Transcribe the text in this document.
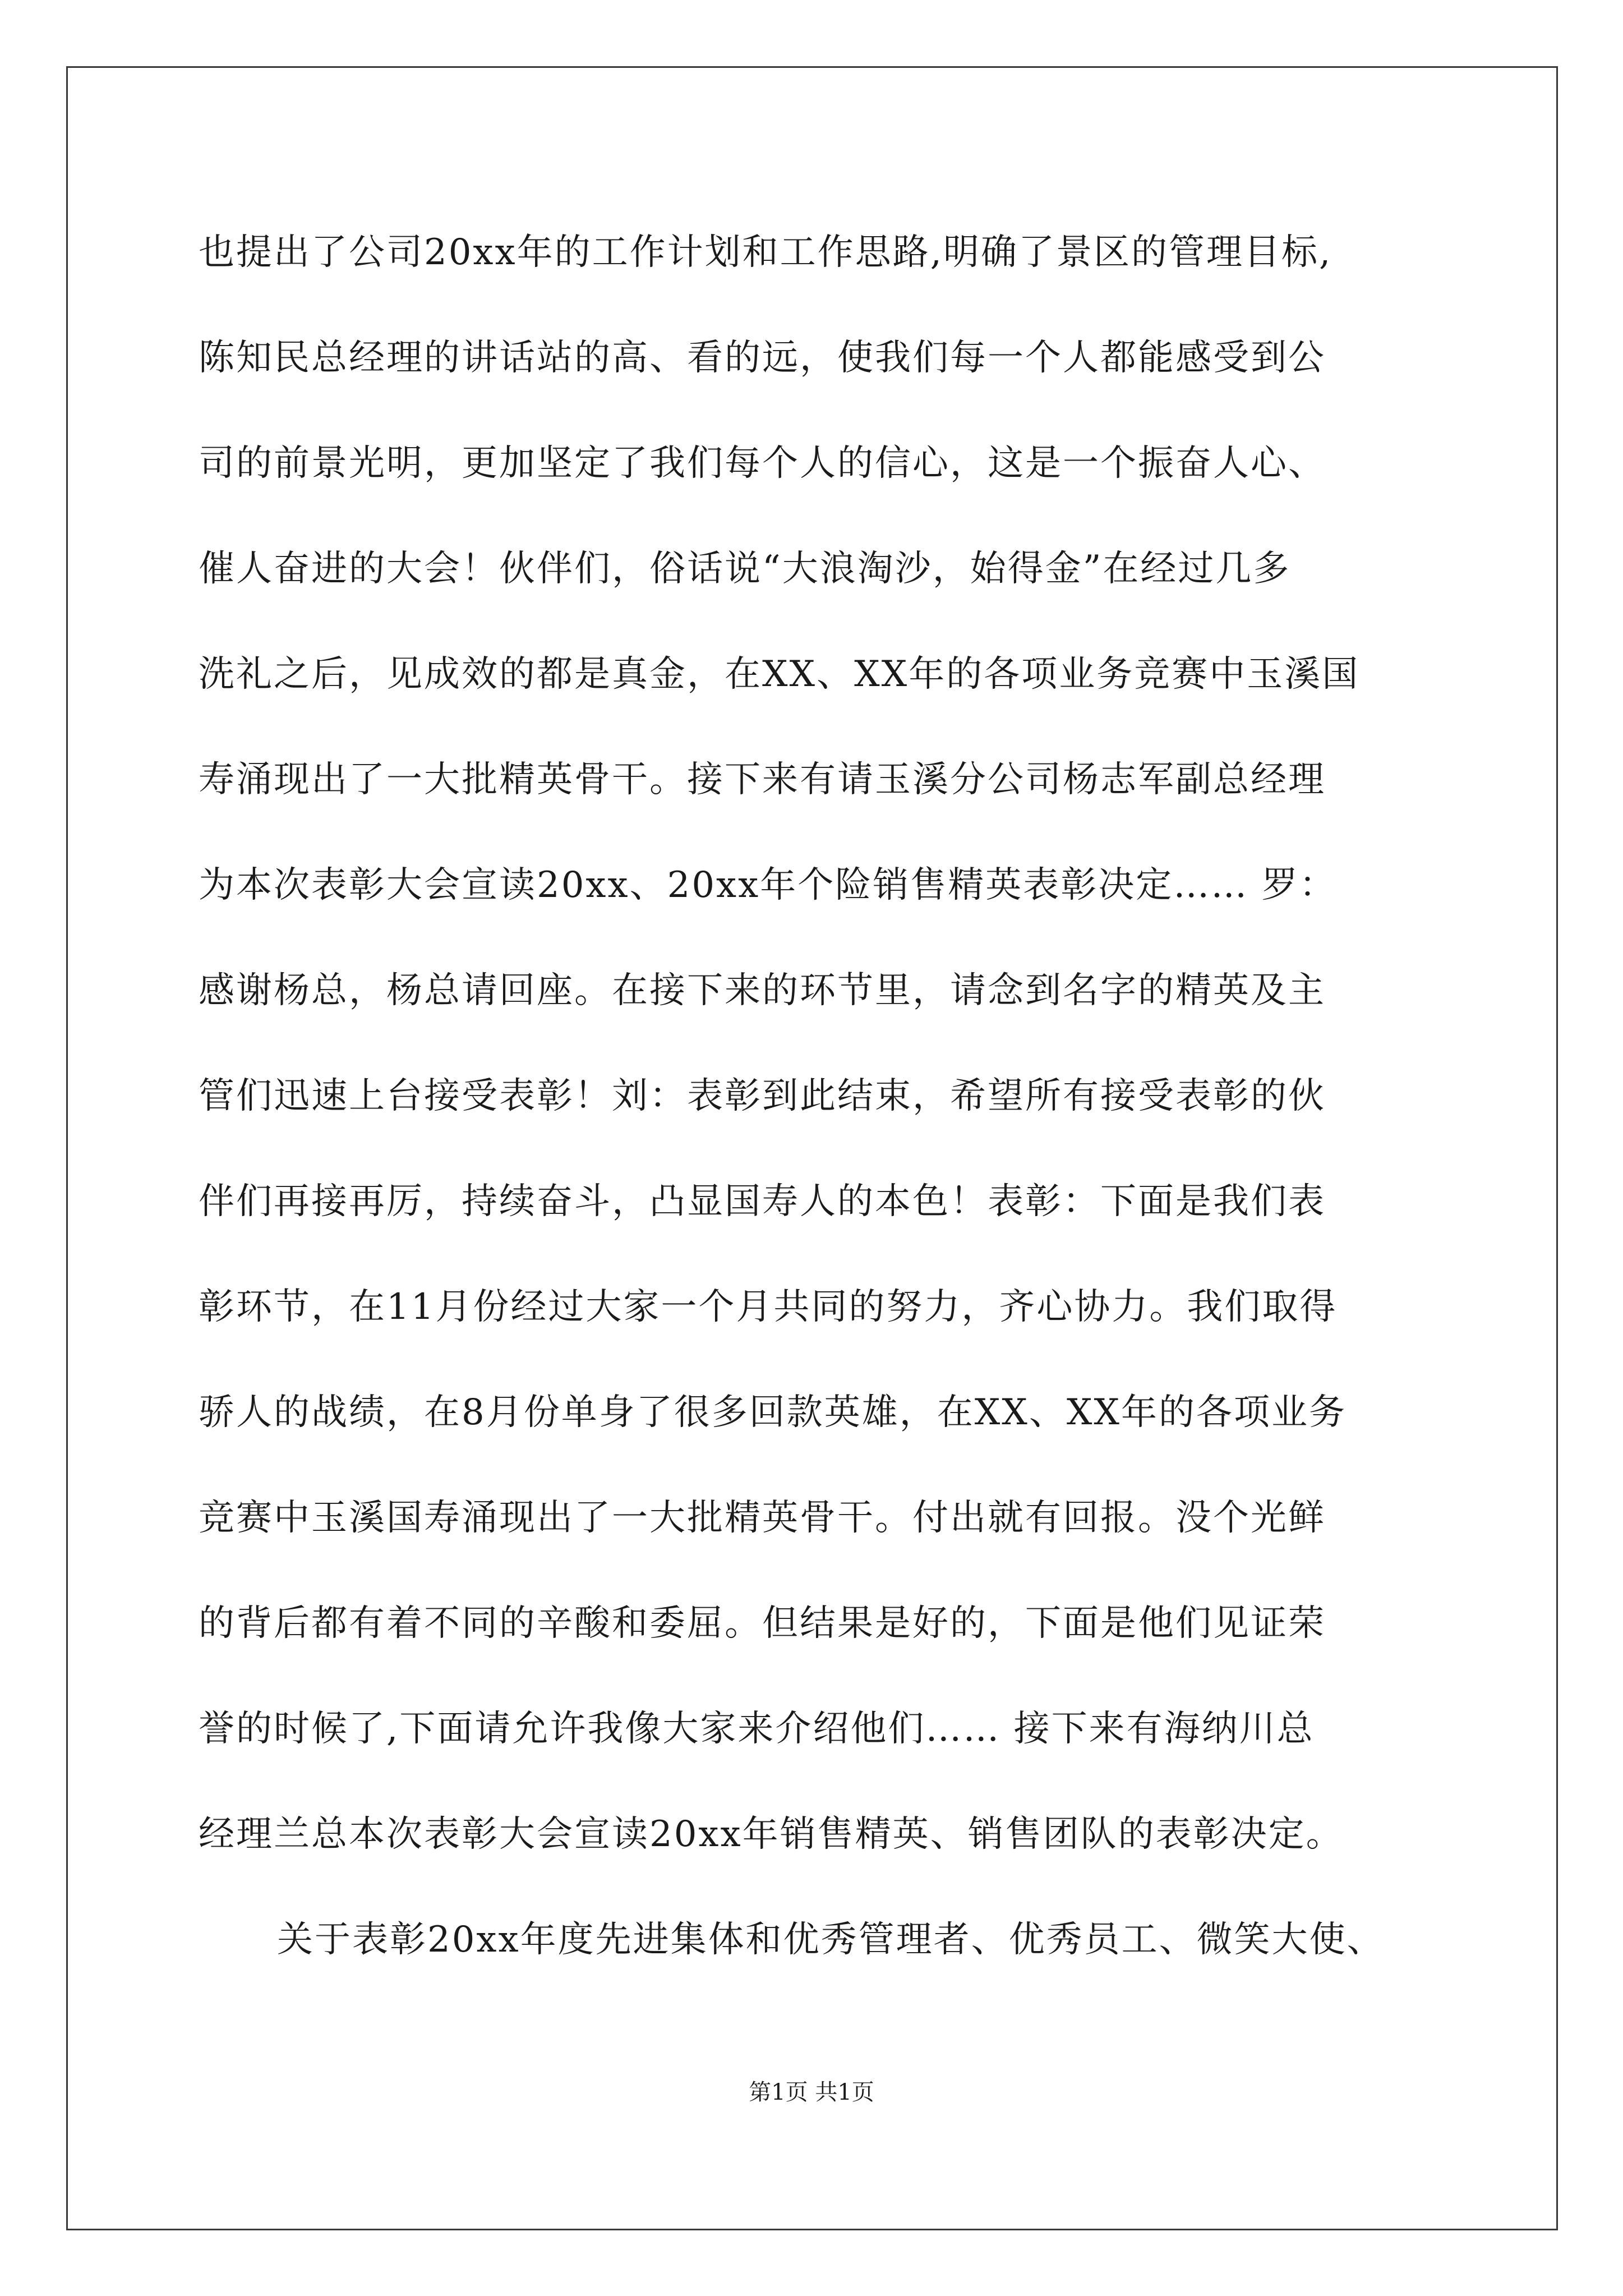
也提出了公司20xx年的工作计划和工作思路,明确了景区的管理目标,
陈知民总经理的讲话站的高、看的远，使我们每一个人都能感受到公
司的前景光明，更加坚定了我们每个人的信心，这是一个振奋人心、
催人奋进的大会！伙伴们，俗话说“大浪淘沙，始得金”在经过几多
洗礼之后，见成效的都是真金，在XX、XX年的各项业务竞赛中玉溪国
寿涌现出了一大批精英骨干。接下来有请玉溪分公司杨志军副总经理
为本次表彰大会宣读20xx、20xx年个险销售精英表彰决定…… 罗：
感谢杨总，杨总请回座。在接下来的环节里，请念到名字的精英及主
管们迅速上台接受表彰！刘：表彰到此结束，希望所有接受表彰的伙
伴们再接再厉，持续奋斗，凸显国寿人的本色！表彰：下面是我们表
彰环节，在11月份经过大家一个月共同的努力，齐心协力。我们取得
骄人的战绩，在8月份单身了很多回款英雄，在XX、XX年的各项业务
竞赛中玉溪国寿涌现出了一大批精英骨干。付出就有回报。没个光鲜
的背后都有着不同的辛酸和委屈。但结果是好的，下面是他们见证荣
誉的时候了,下面请允许我像大家来介绍他们…… 接下来有海纳川总
经理兰总本次表彰大会宣读20xx年销售精英、销售团队的表彰决定。
关于表彰20xx年度先进集体和优秀管理者、优秀员工、微笑大使、
第1页 共1页
